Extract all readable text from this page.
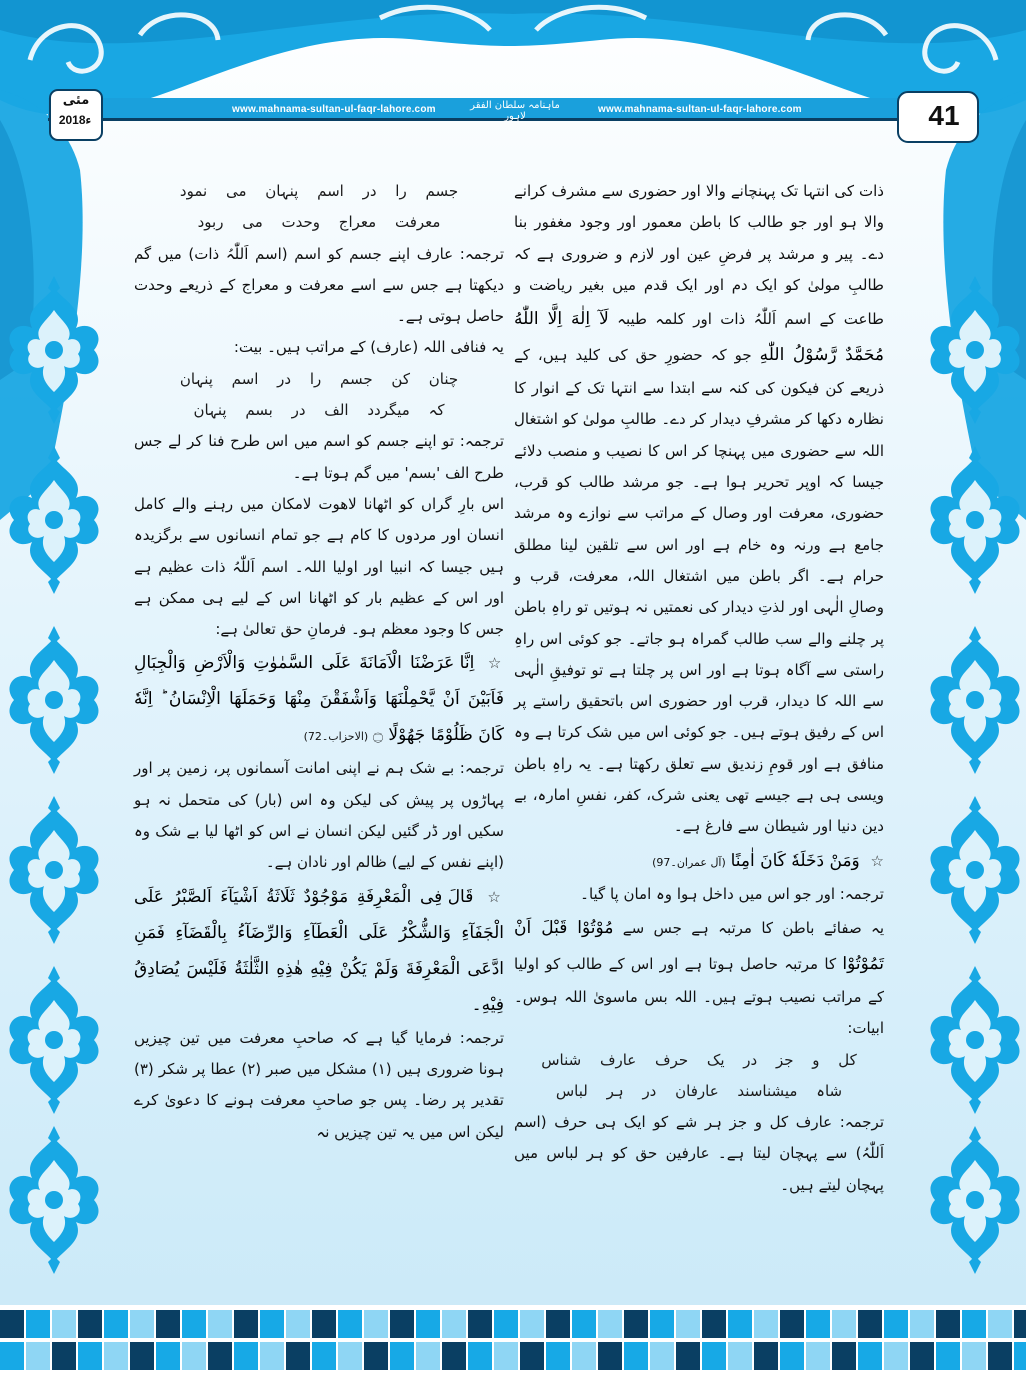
www.mahnama-sultan-ul-faqr-lahore.com	ماہنامہ سلطان الفقر لاہور
www.mahnama-sultan-ul-faqr-lahore.com	41
مئی
2018ء

ذات کی انتہا تک پہنچانے والا اور حضوری سے مشرف کرانے والا ہو اور جو طالب کا باطن معمور اور وجود مغفور بنا دے۔ پیر و مرشد پر فرضِ عین اور لازم و ضروری ہے کہ طالبِ مولیٰ کو ایک دم اور ایک قدم میں بغیر ریاضت و طاعت کے اسم اَللّٰہُ ذات اور کلمہ طیبہ لَآ اِلٰهَ اِلَّا اللّٰهُ مُحَمَّدٌ رَّسُوْلُ اللّٰهِ جو کہ حضورِ حق کی کلید ہیں، کے ذریعے کن فیکون کی کنہ سے ابتدا سے انتہا تک کے انوار کا نظارہ دکھا کر مشرفِ دیدار کر دے۔ طالبِ مولیٰ کو اشتغال اللہ سے حضوری میں پہنچا کر اس کا نصیب و منصب دلائے جیسا کہ اوپر تحریر ہوا ہے۔ جو مرشد طالب کو قرب، حضوری، معرفت اور وصال کے مراتب سے نوازے وہ مرشد جامع ہے ورنہ وہ خام ہے اور اس سے تلقین لینا مطلق حرام ہے۔ اگر باطن میں اشتغال اللہ، معرفت، قرب و وصالِ الٰہی اور لذتِ دیدار کی نعمتیں نہ ہوتیں تو راہِ باطن پر چلنے والے سب طالب گمراہ ہو جاتے۔ جو کوئی اس راہِ راستی سے آگاہ ہوتا ہے اور اس پر چلتا ہے تو توفیقِ الٰہی سے اللہ کا دیدار، قرب اور حضوری اس باتحقیق راستے پر اس کے رفیق ہوتے ہیں۔ جو کوئی اس میں شک کرتا ہے وہ منافق ہے اور قومِ زندیق سے تعلق رکھتا ہے۔ یہ راہِ باطن ویسی ہی ہے جیسے تھی یعنی شرک، کفر، نفسِ امارہ، بے دین دنیا اور شیطان سے فارغ ہے۔

☆ وَمَنْ دَخَلَهٗ كَانَ اٰمِنًا (آل عمران۔97)

ترجمہ: اور جو اس میں داخل ہوا وہ امان پا گیا۔

یہ صفائے باطن کا مرتبہ ہے جس سے مُوْتُوْا قَبْلَ اَنْ تَمُوْتُوْا کا مرتبہ حاصل ہوتا ہے اور اس کے طالب کو اولیا کے مراتب نصیب ہوتے ہیں۔ اللہ بس ماسویٰ اللہ ہوس۔ ابیات:

کل و جز در یک حرف عارف شناس

شاہ میشناسند عارفان در ہر لباس

ترجمہ: عارف کل و جز ہر شے کو ایک ہی حرف (اسم اَللّٰہُ) سے پہچان لیتا ہے۔ عارفین حق کو ہر لباس میں پہچان لیتے ہیں۔

جسم را در اسم پنہان می نمود

معرفت معراج وحدت می ربود

ترجمہ: عارف اپنے جسم کو اسم (اسم اَللّٰہُ ذات) میں گم دیکھتا ہے جس سے اسے معرفت و معراج کے ذریعے وحدت حاصل ہوتی ہے۔

یہ فنافی اللہ (عارف) کے مراتب ہیں۔ بیت:

چنان کن جسم را در اسم پنہان

کہ میگردد الف در بسم پنہان

ترجمہ: تو اپنے جسم کو اسم میں اس طرح فنا کر لے جس طرح الف 'بسم' میں گم ہوتا ہے۔

اس بارِ گراں کو اٹھانا لاھوت لامکان میں رہنے والے کامل انسان اور مردوں کا کام ہے جو تمام انسانوں سے برگزیدہ ہیں جیسا کہ انبیا اور اولیا اللہ۔ اسم اَللّٰہُ ذات عظیم ہے اور اس کے عظیم بار کو اٹھانا اس کے لیے ہی ممکن ہے جس کا وجود معظم ہو۔ فرمانِ حق تعالیٰ ہے:

☆ اِنَّا عَرَضْنَا الْاَمَانَةَ عَلَى السَّمٰوٰتِ وَالْاَرْضِ وَالْجِبَالِ فَاَبَيْنَ اَنْ يَّحْمِلْنَهَا وَاَشْفَقْنَ مِنْهَا وَحَمَلَهَا الْاِنْسَانُ ؕ اِنَّهٗ كَانَ ظَلُوْمًا جَهُوْلًا ۝ (الاحزاب۔72)

ترجمہ: بے شک ہم نے اپنی امانت آسمانوں پر، زمین پر اور پہاڑوں پر پیش کی لیکن وہ اس (بار) کی متحمل نہ ہو سکیں اور ڈر گئیں لیکن انسان نے اس کو اٹھا لیا بے شک وہ (اپنے نفس کے لیے) ظالم اور نادان ہے۔

☆ قَالَ فِى الْمَعْرِفَةِ مَوْجُوْدٌ ثَلَاثَةُ اَشْيَآءَ اَلصَّبْرُ عَلَى الْجَفَآءِ وَالشُّكْرُ عَلَى الْعَطَآءِ وَالرِّضَآءُ بِالْقَضَآءِ فَمَنِ ادَّعَى الْمَعْرِفَةَ وَلَمْ يَكُنْ فِيْهِ هٰذِهِ الثَّلٰثَةُ فَلَيْسَ يُصَادِقُ فِيْهِ۔

ترجمہ: فرمایا گیا ہے کہ صاحبِ معرفت میں تین چیزیں ہونا ضروری ہیں (۱) مشکل میں صبر (۲) عطا پر شکر (۳) تقدیر پر رضا۔ پس جو صاحبِ معرفت ہونے کا دعویٰ کرے لیکن اس میں یہ تین چیزیں نہ
